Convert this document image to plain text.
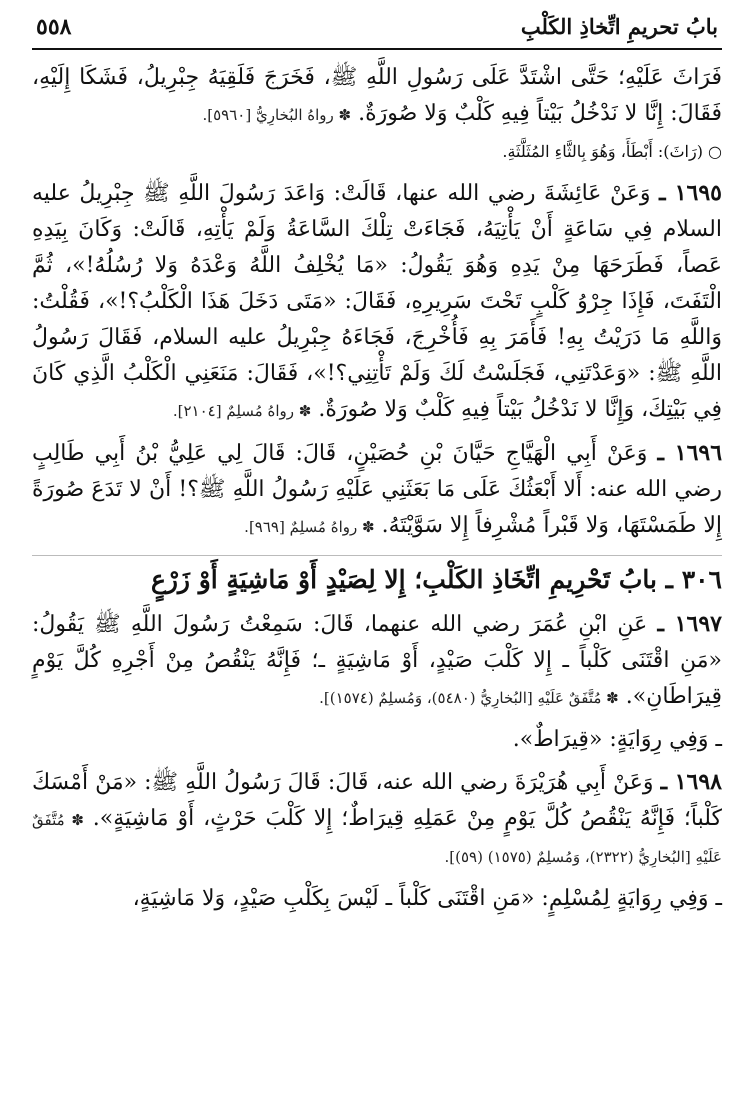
بابُ تحريمِ اتِّخاذِ الكَلْبِ
٥٥٨

فَرَاثَ عَلَيْهِ؛ حَتَّى اشْتَدَّ عَلَى رَسُولِ اللَّهِ ﷺ، فَخَرَجَ فَلَقِيَهُ جِبْرِيلُ، فَشَكَا إِلَيْهِ، فَقَالَ: إِنَّا لا نَدْخُلُ بَيْتاً فِيهِ كَلْبٌ وَلا صُورَةٌ. ✽ رواهُ البُخارِيُّ [٥٩٦٠].

○ (رَاثَ): أَبْطَأَ، وَهُوَ بِالثَّاءِ المُثَلَّثَةِ.

١٦٩٥ ـ وَعَنْ عَائِشَةَ رضي الله عنها، قَالَتْ: وَاعَدَ رَسُولَ اللَّهِ ﷺ جِبْرِيلُ عليه السلام فِي سَاعَةٍ أَنْ يَأْتِيَهُ، فَجَاءَتْ تِلْكَ السَّاعَةُ وَلَمْ يَأْتِهِ، قَالَتْ: وَكَانَ بِيَدِهِ عَصاً، فَطَرَحَهَا مِنْ يَدِهِ وَهُوَ يَقُولُ: «مَا يُخْلِفُ اللَّهُ وَعْدَهُ وَلا رُسُلُهُ!»، ثُمَّ الْتَفَتَ، فَإِذَا جِرْوُ كَلْبٍ تَحْتَ سَرِيرِهِ، فَقَالَ: «مَتَى دَخَلَ هَذَا الْكَلْبُ؟!»، فَقُلْتُ: وَاللَّهِ مَا دَرَيْتُ بِهِ! فَأَمَرَ بِهِ فَأُخْرِجَ، فَجَاءَهُ جِبْرِيلُ عليه السلام، فَقَالَ رَسُولُ اللَّهِ ﷺ: «وَعَدْتَنِي، فَجَلَسْتُ لَكَ وَلَمْ تَأْتِنِي؟!»، فَقَالَ: مَنَعَنِي الْكَلْبُ الَّذِي كَانَ فِي بَيْتِكَ، وَإِنَّا لا نَدْخُلُ بَيْتاً فِيهِ كَلْبٌ وَلا صُورَةٌ. ✽ رواهُ مُسلِمٌ [٢١٠٤].

١٦٩٦ ـ وَعَنْ أَبِي الْهَيَّاجِ حَيَّانَ بْنِ حُصَيْنٍ، قَالَ: قَالَ لِي عَلِيُّ بْنُ أَبِي طَالِبٍ رضي الله عنه: أَلا أَبْعَثُكَ عَلَى مَا بَعَثَنِي عَلَيْهِ رَسُولُ اللَّهِ ﷺ؟! أَنْ لا تَدَعَ صُورَةً إِلا طَمَسْتَهَا، وَلا قَبْراً مُشْرِفاً إِلا سَوَّيْتَهُ. ✽ رواهُ مُسلِمٌ [٩٦٩].

٣٠٦ ـ بابُ تَحْرِيمِ اتِّخَاذِ الكَلْبِ؛ إِلا لِصَيْدٍ أَوْ مَاشِيَةٍ أَوْ زَرْعٍ

١٦٩٧ ـ عَنِ ابْنِ عُمَرَ رضي الله عنهما، قَالَ: سَمِعْتُ رَسُولَ اللَّهِ ﷺ يَقُولُ: «مَنِ اقْتَنَى كَلْباً ـ إِلا كَلْبَ صَيْدٍ، أَوْ مَاشِيَةٍ ـ؛ فَإِنَّهُ يَنْقُصُ مِنْ أَجْرِهِ كُلَّ يَوْمٍ قِيرَاطَانِ». ✽ مُتَّفَقٌ عَلَيْهِ [البُخارِيُّ (٥٤٨٠)، وَمُسلِمٌ (١٥٧٤)].

ـ وَفِي رِوَايَةٍ: «قِيرَاطٌ».

١٦٩٨ ـ وَعَنْ أَبِي هُرَيْرَةَ رضي الله عنه، قَالَ: قَالَ رَسُولُ اللَّهِ ﷺ: «مَنْ أَمْسَكَ كَلْباً؛ فَإِنَّهُ يَنْقُصُ كُلَّ يَوْمٍ مِنْ عَمَلِهِ قِيرَاطٌ؛ إِلا كَلْبَ حَرْثٍ، أَوْ مَاشِيَةٍ». ✽ مُتَّفَقٌ عَلَيْهِ [البُخارِيُّ (٢٣٢٢)، وَمُسلِمٌ (١٥٧٥) (٥٩)].

ـ وَفِي رِوَايَةٍ لِمُسْلِمٍ: «مَنِ اقْتَنَى كَلْباً ـ لَيْسَ بِكَلْبِ صَيْدٍ، وَلا مَاشِيَةٍ،
